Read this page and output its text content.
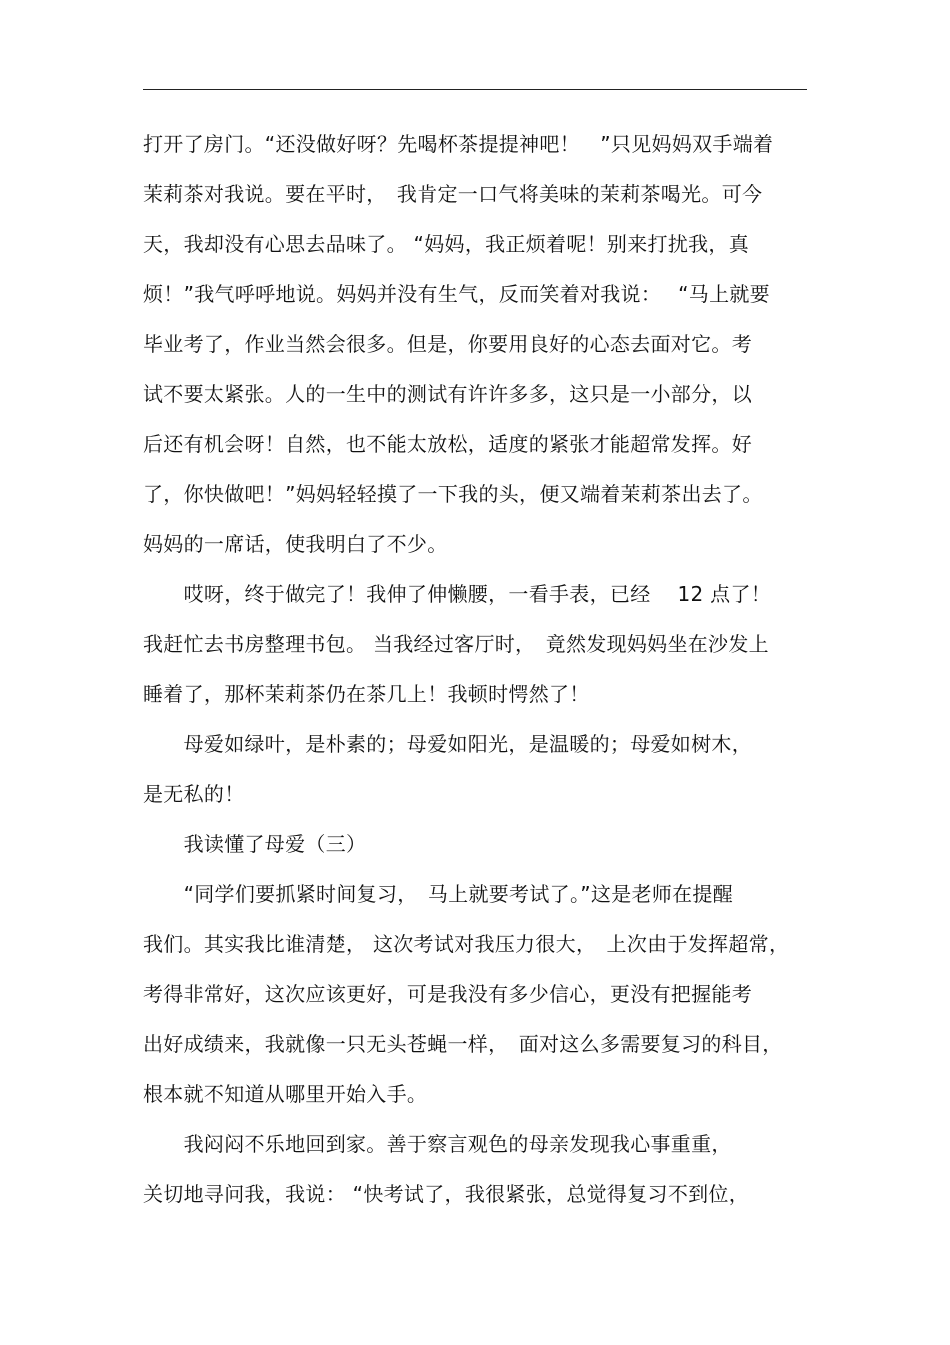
打开了房门。“还没做好呀？先喝杯茶提提神吧！　”只见妈妈双手端着
茉莉茶对我说。要在平时，　我肯定一口气将美味的茉莉茶喝光。可今
天，我却没有心思去品味了。 “妈妈，我正烦着呢！别来打扰我，真
烦！”我气呼呼地说。妈妈并没有生气，反而笑着对我说：　 “马上就要
毕业考了，作业当然会很多。但是，你要用良好的心态去面对它。考
试不要太紧张。人的一生中的测试有许许多多，这只是一小部分，以
后还有机会呀！自然，也不能太放松，适度的紧张才能超常发挥。好
了，你快做吧！”妈妈轻轻摸了一下我的头，便又端着茉莉茶出去了。
妈妈的一席话，使我明白了不少。
　　哎呀，终于做完了！我伸了伸懒腰，一看手表，已经　 12 点了！
我赶忙去书房整理书包。 当我经过客厅时，　竟然发现妈妈坐在沙发上
睡着了，那杯茉莉茶仍在茶几上！我顿时愕然了！
　　母爱如绿叶，是朴素的；母爱如阳光，是温暖的；母爱如树木，
是无私的！
　　我读懂了母爱（三）
　　“同学们要抓紧时间复习，　马上就要考试了。”这是老师在提醒
我们。其实我比谁清楚， 这次考试对我压力很大，　上次由于发挥超常，
考得非常好，这次应该更好，可是我没有多少信心，更没有把握能考
出好成绩来，我就像一只无头苍蝇一样，　面对这么多需要复习的科目，
根本就不知道从哪里开始入手。
　　我闷闷不乐地回到家。善于察言观色的母亲发现我心事重重，
关切地寻问我，我说： “快考试了，我很紧张，总觉得复习不到位，
